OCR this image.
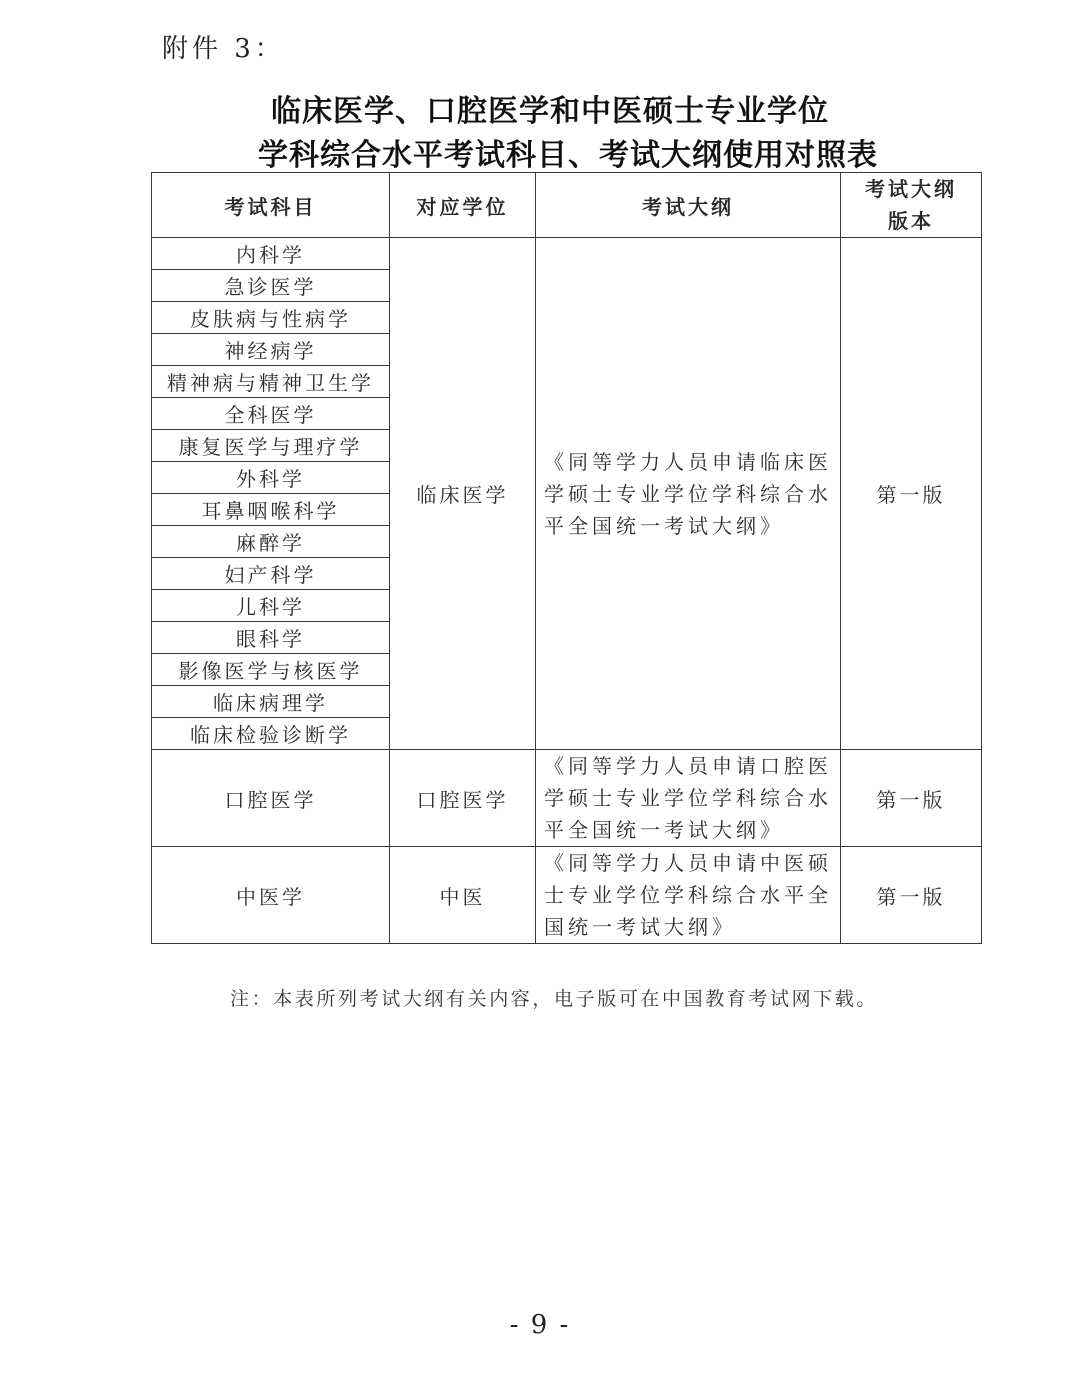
附件 3：
临床医学、口腔医学和中医硕士专业学位
学科综合水平考试科目、考试大纲使用对照表
考试科目	对应学位	考试大纲	考试大纲版本
内科学	临床医学	《同等学力人员申请临床医学硕士专业学位学科综合水平全国统一考试大纲》	第一版
急诊医学			
皮肤病与性病学			
神经病学			
精神病与精神卫生学			
全科医学			
康复医学与理疗学			
外科学			
耳鼻咽喉科学			
麻醉学			
妇产科学			
儿科学			
眼科学			
影像医学与核医学			
临床病理学			
临床检验诊断学			
口腔医学	口腔医学	《同等学力人员申请口腔医学硕士专业学位学科综合水平全国统一考试大纲》	第一版
中医学	中医	《同等学力人员申请中医硕士专业学位学科综合水平全国统一考试大纲》	第一版
注：本表所列考试大纲有关内容，电子版可在中国教育考试网下载。
- 9 -
